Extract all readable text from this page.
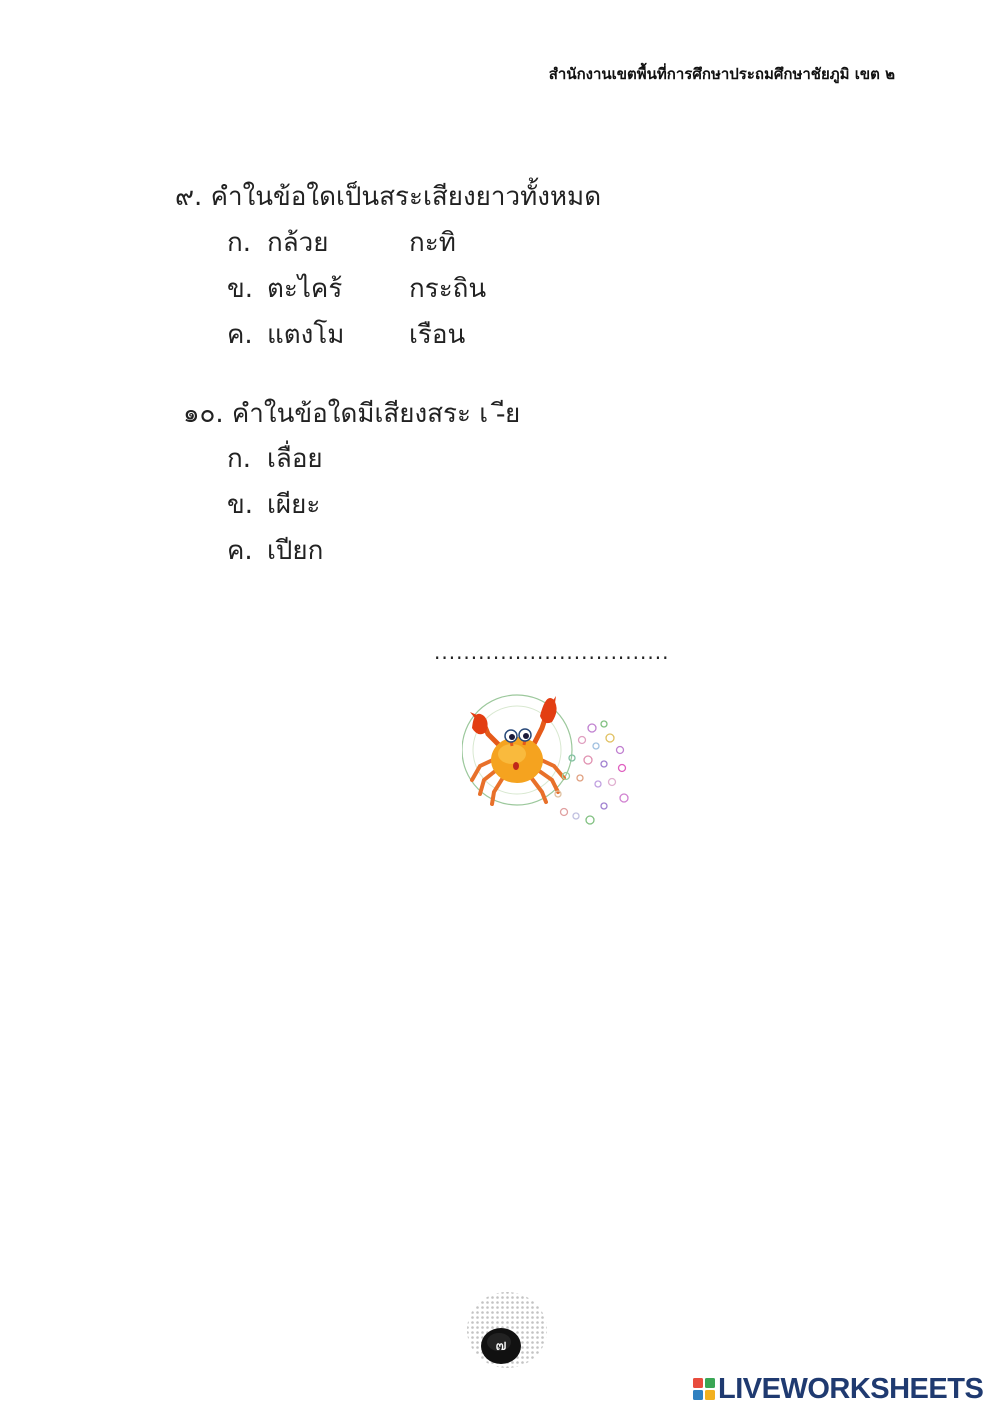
สำนักงานเขตพื้นที่การศึกษาประถมศึกษาชัยภูมิ เขต ๒
๙. คำในข้อใดเป็นสระเสียงยาวทั้งหมด
ก. กล้วย	กะทิ
ข. ตะไคร้	กระถิน
ค. แตงโม เรือน
๑๐. คำในข้อใดมีเสียงสระ เ -ีย
ก. เลื่อย
ข. เผียะ
ค. เปียก
................................
๗
LIVEWORKSHEETS
